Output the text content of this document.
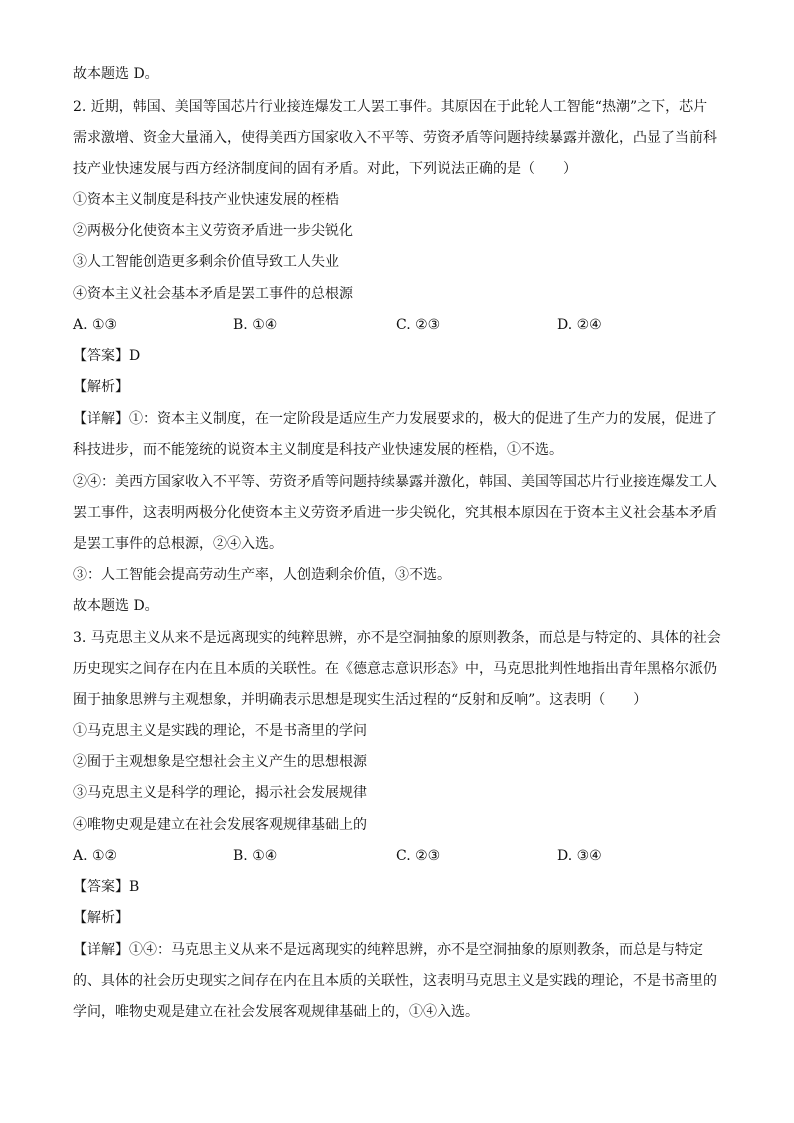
故本题选 D。
2. 近期，韩国、美国等国芯片行业接连爆发工人罢工事件。其原因在于此轮人工智能“热潮”之下，芯片
需求激增、资金大量涌入，使得美西方国家收入不平等、劳资矛盾等问题持续暴露并激化，凸显了当前科
技产业快速发展与西方经济制度间的固有矛盾。对此，下列说法正确的是（　　）
①资本主义制度是科技产业快速发展的桎梏
②两极分化使资本主义劳资矛盾进一步尖锐化
③人工智能创造更多剩余价值导致工人失业
④资本主义社会基本矛盾是罢工事件的总根源
A. ①③	B. ①④	C. ②③	D. ②④
【答案】D
【解析】
【详解】①：资本主义制度，在一定阶段是适应生产力发展要求的，极大的促进了生产力的发展，促进了
科技进步，而不能笼统的说资本主义制度是科技产业快速发展的桎梏，①不选。
②④：美西方国家收入不平等、劳资矛盾等问题持续暴露并激化，韩国、美国等国芯片行业接连爆发工人
罢工事件，这表明两极分化使资本主义劳资矛盾进一步尖锐化，究其根本原因在于资本主义社会基本矛盾
是罢工事件的总根源，②④入选。
③：人工智能会提高劳动生产率，人创造剩余价值，③不选。
故本题选 D。
3. 马克思主义从来不是远离现实的纯粹思辨，亦不是空洞抽象的原则教条，而总是与特定的、具体的社会
历史现实之间存在内在且本质的关联性。在《德意志意识形态》中，马克思批判性地指出青年黑格尔派仍
囿于抽象思辨与主观想象，并明确表示思想是现实生活过程的“反射和反响”。这表明（　　）
①马克思主义是实践的理论，不是书斋里的学问
②囿于主观想象是空想社会主义产生的思想根源
③马克思主义是科学的理论，揭示社会发展规律
④唯物史观是建立在社会发展客观规律基础上的
A. ①②	B. ①④	C. ②③	D. ③④
【答案】B
【解析】
【详解】①④：马克思主义从来不是远离现实的纯粹思辨，亦不是空洞抽象的原则教条，而总是与特定
的、具体的社会历史现实之间存在内在且本质的关联性，这表明马克思主义是实践的理论，不是书斋里的
学问，唯物史观是建立在社会发展客观规律基础上的，①④入选。
